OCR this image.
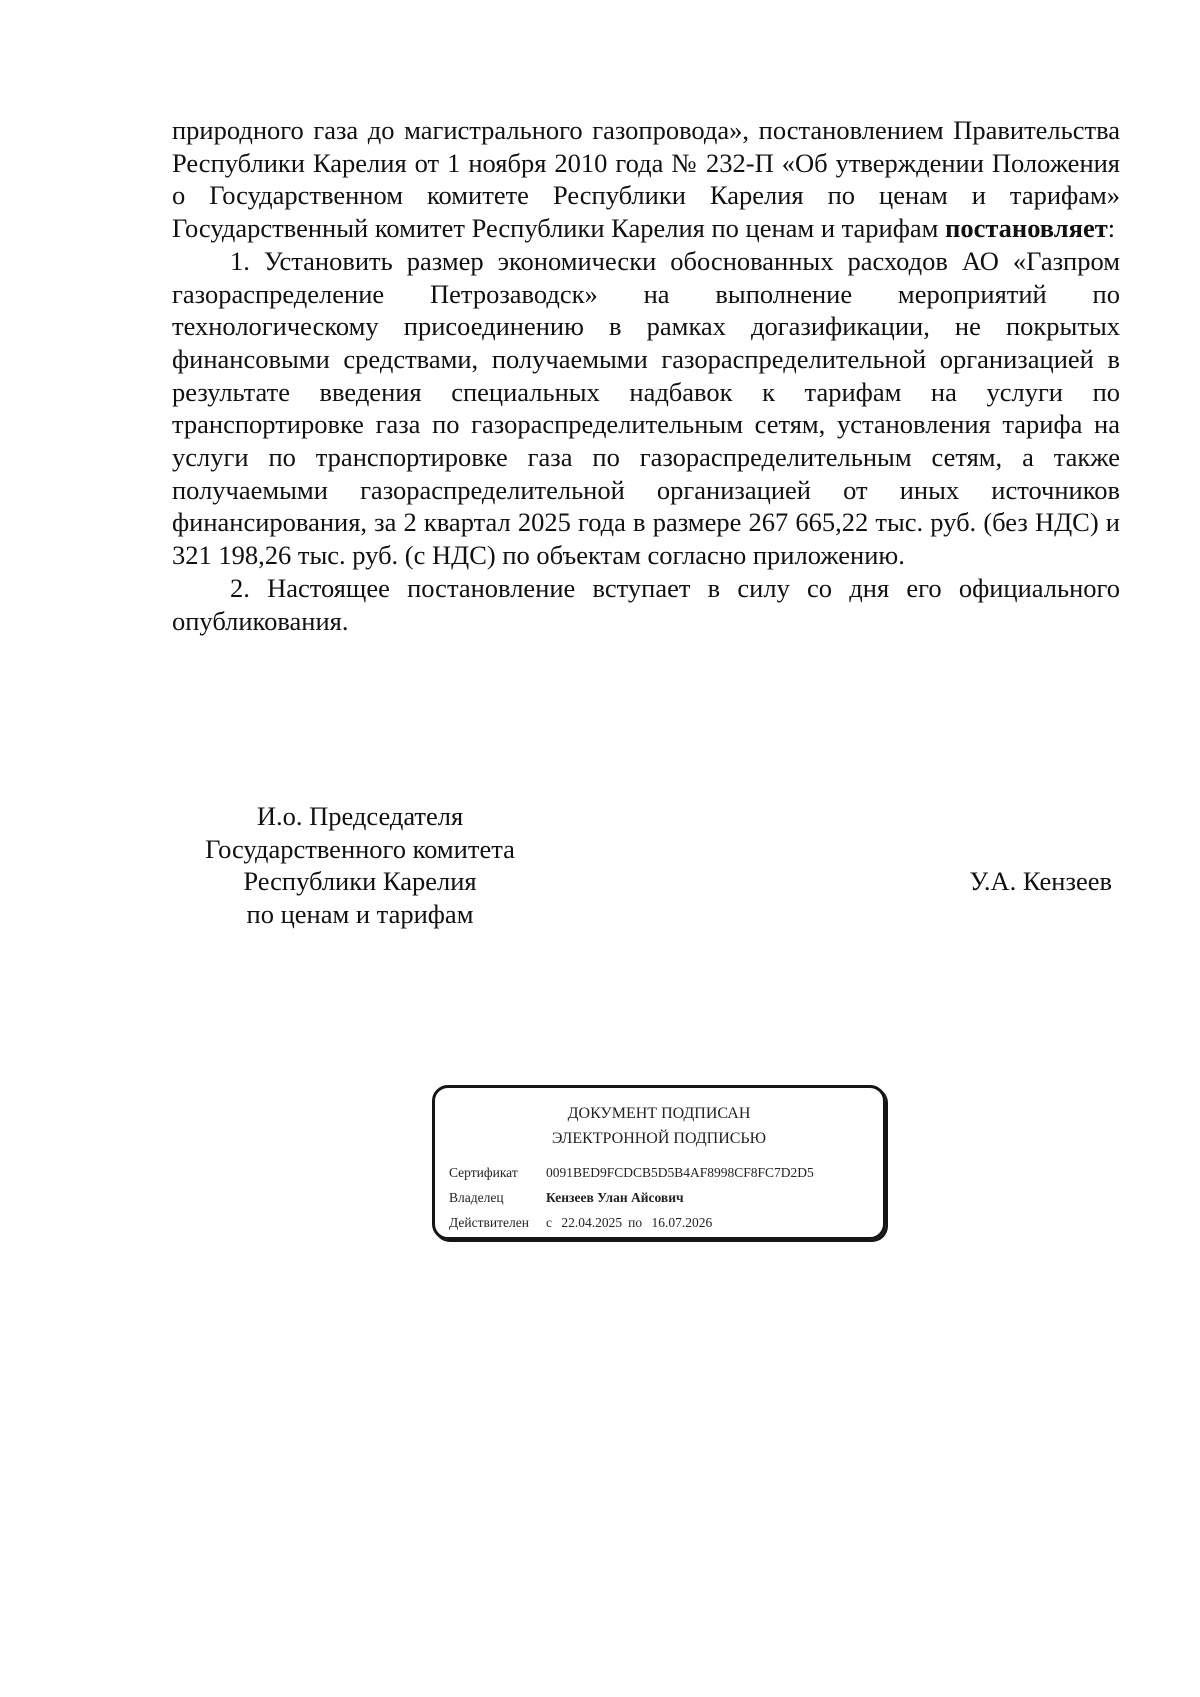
природного газа до магистрального газопровода», постановлением Правительства Республики Карелия от 1 ноября 2010 года № 232-П «Об утверждении Положения о Государственном комитете Республики Карелия по ценам и тарифам» Государственный комитет Республики Карелия по ценам и тарифам постановляет:

1. Установить размер экономически обоснованных расходов АО «Газпром газораспределение Петрозаводск» на выполнение мероприятий по технологическому присоединению в рамках догазификации, не покрытых финансовыми средствами, получаемыми газораспределительной организацией в результате введения специальных надбавок к тарифам на услуги по транспортировке газа по газораспределительным сетям, установления тарифа на услуги по транспортировке газа по газораспределительным сетям, а также получаемыми газораспределительной организацией от иных источников финансирования, за 2 квартал 2025 года в размере 267 665,22 тыс. руб. (без НДС) и 321 198,26 тыс. руб. (с НДС) по объектам согласно приложению.

2. Настоящее постановление вступает в силу со дня его официального опубликования.

И.о. Председателя
Государственного комитета
Республики Карелия
по ценам и тарифам
У.А. Кензеев
ДОКУМЕНТ ПОДПИСАН
ЭЛЕКТРОННОЙ ПОДПИСЬЮ
Сертификат 0091BED9FCDCB5D5B4AF8998CF8FC7D2D5
Владелец	Кензеев Улан Айсович
Действителен с 22.04.2025 по 16.07.2026
